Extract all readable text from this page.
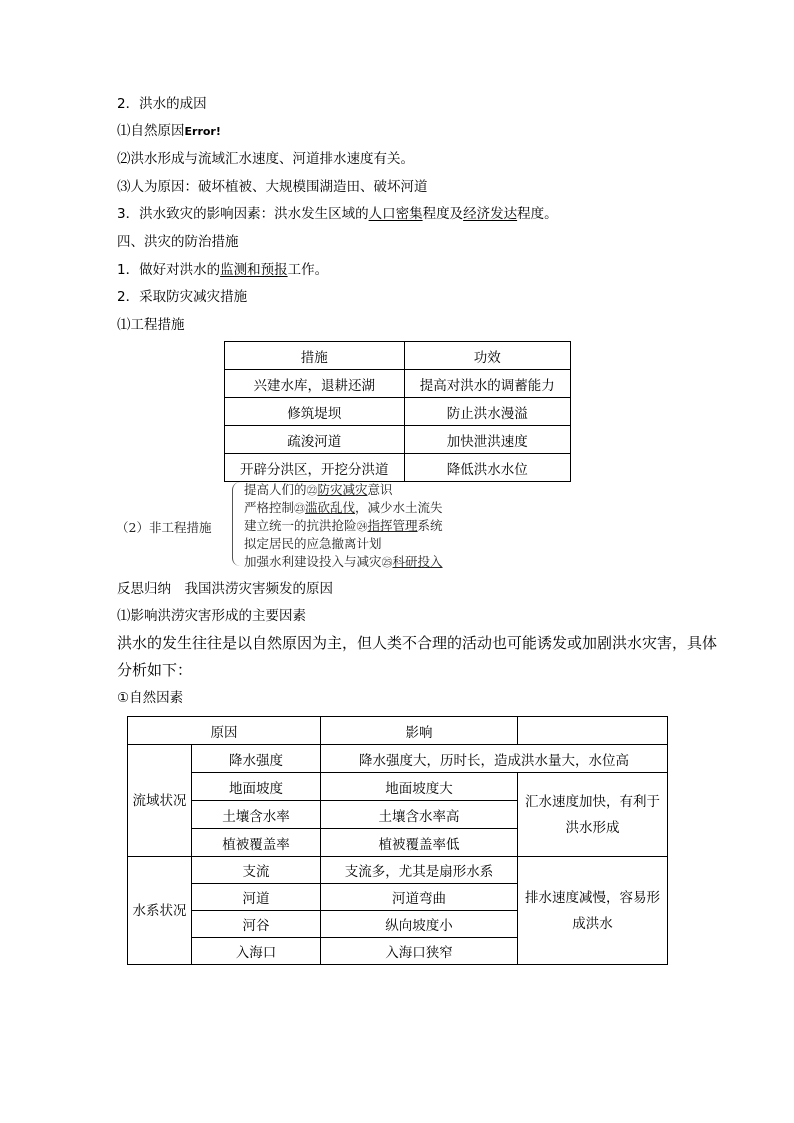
2．洪水的成因
⑴自然原因Error!
⑵洪水形成与流域汇水速度、河道排水速度有关。
⑶人为原因：破坏植被、大规模围湖造田、破坏河道
3．洪水致灾的影响因素：洪水发生区域的人口密集程度及经济发达程度。
四、洪灾的防治措施
1．做好对洪水的监测和预报工作。
2．采取防灾减灾措施
⑴工程措施
措施	功效
兴建水库，退耕还湖	提高对洪水的调蓄能力
修筑堤坝	防止洪水漫溢
疏浚河道	加快泄洪速度
开辟分洪区，开挖分洪道	降低洪水水位
（2）非工程措施
提高人们的㉒防灾减灾意识
严格控制㉓滥砍乱伐，减少水土流失
建立统一的抗洪抢险㉔指挥管理系统
拟定居民的应急撤离计划
加强水利建设投入与减灾㉕科研投入
反思归纳　我国洪涝灾害频发的原因
⑴影响洪涝灾害形成的主要因素
洪水的发生往往是以自然原因为主，但人类不合理的活动也可能诱发或加剧洪水灾害，具体
分析如下：
①自然因素
原因		影响	
流域状况	降水强度	降水强度大，历时长，造成洪水量大，水位高	
	地面坡度	地面坡度大	汇水速度加快，有利于洪水形成
	土壤含水率	土壤含水率高	
	植被覆盖率	植被覆盖率低	
水系状况	支流	支流多，尤其是扇形水系	排水速度减慢，容易形成洪水
	河道	河道弯曲	
	河谷	纵向坡度小	
	入海口	入海口狭窄	
